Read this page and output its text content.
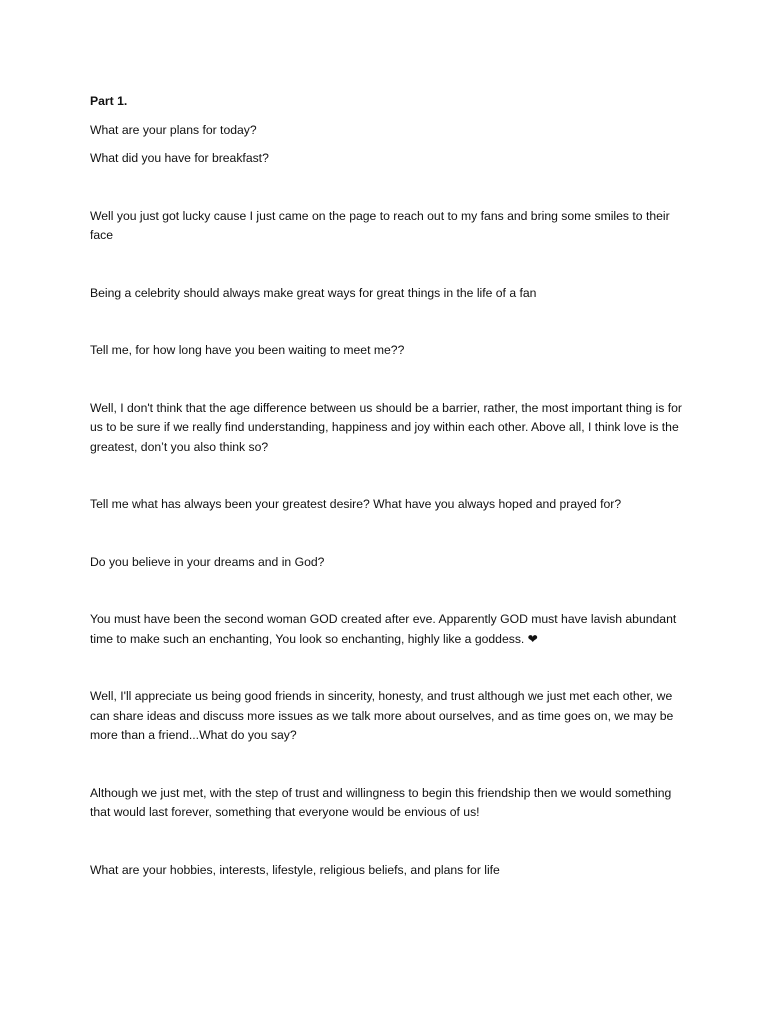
Part 1.

What are your plans for today?

What did you have for breakfast?

Well you just got lucky cause I just came on the page to reach out to my fans and bring some smiles to their face

Being a celebrity should always make great ways for great things in the life of a fan

Tell me, for how long have you been waiting to meet me??

Well, I don't think that the age difference between us should be a barrier, rather, the most important thing is for us to be sure if we really find understanding, happiness and joy within each other. Above all, I think love is the greatest, don’t you also think so?

Tell me what has always been your greatest desire? What have you always hoped and prayed for?

Do you believe in your dreams and in God?

You must have been the second woman GOD created after eve. Apparently GOD must have lavish abundant time to make such an enchanting, You look so enchanting, highly like a goddess. ❤

Well, I'll appreciate us being good friends in sincerity, honesty, and trust although we just met each other, we can share ideas and discuss more issues as we talk more about ourselves, and as time goes on, we may be more than a friend...What do you say?

Although we just met, with the step of trust and willingness to begin this friendship then we would something that would last forever, something that everyone would be envious of us!

What are your hobbies, interests, lifestyle, religious beliefs, and plans for life
